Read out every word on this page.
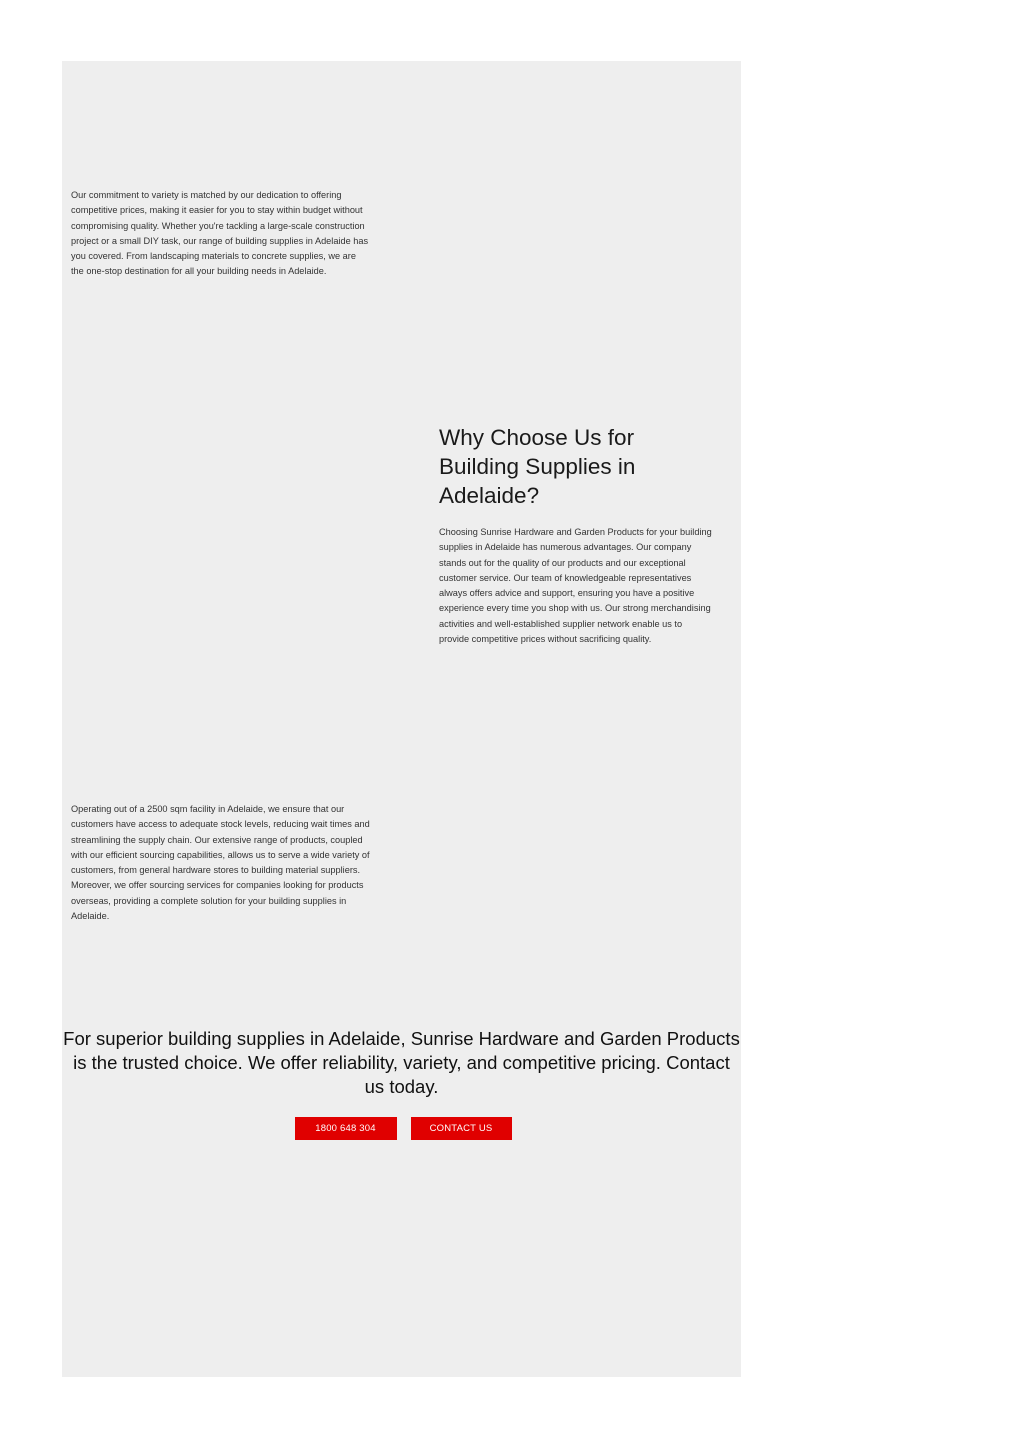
Our commitment to variety is matched by our dedication to offering competitive prices, making it easier for you to stay within budget without compromising quality. Whether you're tackling a large-scale construction project or a small DIY task, our range of building supplies in Adelaide has you covered. From landscaping materials to concrete supplies, we are the one-stop destination for all your building needs in Adelaide.

Why Choose Us for Building Supplies in Adelaide?

Choosing Sunrise Hardware and Garden Products for your building supplies in Adelaide has numerous advantages. Our company stands out for the quality of our products and our exceptional customer service. Our team of knowledgeable representatives always offers advice and support, ensuring you have a positive experience every time you shop with us. Our strong merchandising activities and well-established supplier network enable us to provide competitive prices without sacrificing quality.

Operating out of a 2500 sqm facility in Adelaide, we ensure that our customers have access to adequate stock levels, reducing wait times and streamlining the supply chain. Our extensive range of products, coupled with our efficient sourcing capabilities, allows us to serve a wide variety of customers, from general hardware stores to building material suppliers. Moreover, we offer sourcing services for companies looking for products overseas, providing a complete solution for your building supplies in Adelaide.

For superior building supplies in Adelaide, Sunrise Hardware and Garden Products is the trusted choice. We offer reliability, variety, and competitive pricing. Contact us today.
1800 648 304	CONTACT US
